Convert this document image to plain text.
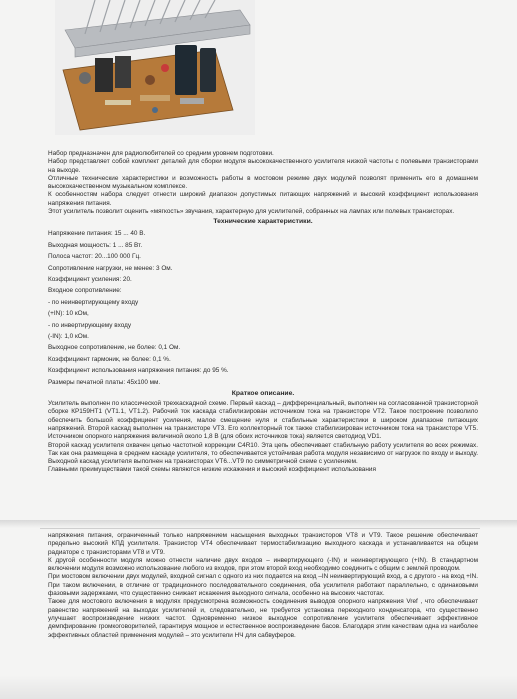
Набор предназначен для радиолюбителей со средним уровнем подготовки.

Набор представляет собой комплект деталей для сборки модуля высококачественного усилителя низкой частоты с полевыми транзисторами на выходе.

Отличные технические характеристики и возможность работы в мостовом режиме двух модулей позволят применить его в домашнем высококачественном музыкальном комплексе.

К особенностям набора следует отнести широкий диапазон допустимых питающих напряжений и высокий коэффициент использования напряжения питания.

Этот усилитель позволит оценить «мягкость» звучания, характерную для усилителей, собранных на лампах или полевых транзисторах.

Технические характеристики.

Напряжение питания: 15 ... 40 В.

Выходная мощность: 1 ... 85 Вт.

Полоса частот: 20...100 000 Гц.

Сопротивление нагрузки, не менее: 3 Ом.

Коэффициент усиления: 20.

Входное сопротивление:

- по неинвертирующему входу

(+IN): 10 кОм,

- по инвертирующему входу

(-IN): 1,0 кОм.

Выходное сопротивление, не более: 0,1 Ом.

Коэффициент гармоник, не более: 0,1 %.

Коэффициент использования напряжения питания: до 95 %.

Размеры печатной платы: 45х100 мм.

Краткое описание.

Усилитель выполнен по классической трехкаскадной схеме. Первый каскад – дифференциальный, выполнен на согласованной транзисторной сборке КР159НТ1 (VT1.1, VT1.2). Рабочий ток каскада стабилизирован источником тока на транзисторе VT2. Такое построение позволило обеспечить большой коэффициент усиления, малое смещение нуля и стабильные характеристики в широком диапазоне питающих напряжений. Второй каскад выполнен на транзисторе VT3. Его коллекторный ток также стабилизирован источником тока на транзисторе VT5. Источником опорного напряжения величиной около 1,8 В (для обоих источников тока) является светодиод VD1.

Второй каскад усилителя охвачен цепью частотной коррекции С4R10. Эта цепь обеспечивает стабильную работу усилителя во всех режимах. Так как она размещена в среднем каскаде усилителя, то обеспечивается устойчивая работа модуля независимо от нагрузок по входу и выходу. Выходной каскад усилителя выполнен на транзисторах VT6...VT9 по симметричной схеме с усилением.

Главными преимуществами такой схемы являются низкие искажения и высокий коэффициент использования

напряжения питания, ограниченный только напряжением насыщения выходных транзисторов VT8 и VT9. Такое решение обеспечивает предельно высокий КПД усилителя. Транзистор VT4 обеспечивает термостабилизацию выходного каскада и устанавливается на общем радиаторе с транзисторами VT8 и VT9.

К другой особенности модуля можно отнести наличие двух входов – инвертирующего (-IN) и неинвертирующего (+IN). В стандартном включении модуля возможно использование любого из входов, при этом второй вход необходимо соединить с общим с землей проводом.

При мостовом включении двух модулей, входной сигнал с одного из них подается на вход –IN неинвертирующий вход, а с другого - на вход +IN. При таком включении, в отличие от традиционного последовательного соединения, оба усилителя работают параллельно, с одинаковыми фазовыми задержками, что существенно снижает искажения выходного сигнала, особенно на высоких частотах.

Также для мостового включения в модулях предусмотрена возможность соединения выводов опорного напряжения Vref , что обеспечивает равенство напряжений на выходах усилителей и, следовательно, не требуется установка переходного конденсатора, что существенно улучшает воспроизведение низких частот. Одновременно низкое выходное сопротивление усилителя обеспечивает эффективное демпфирование громкоговорителей, гарантируя мощное и естественное воспроизведение басов. Благодаря этим качествам одна из наиболее эффективных областей применения модулей – это усилители НЧ для сабвуферов.
